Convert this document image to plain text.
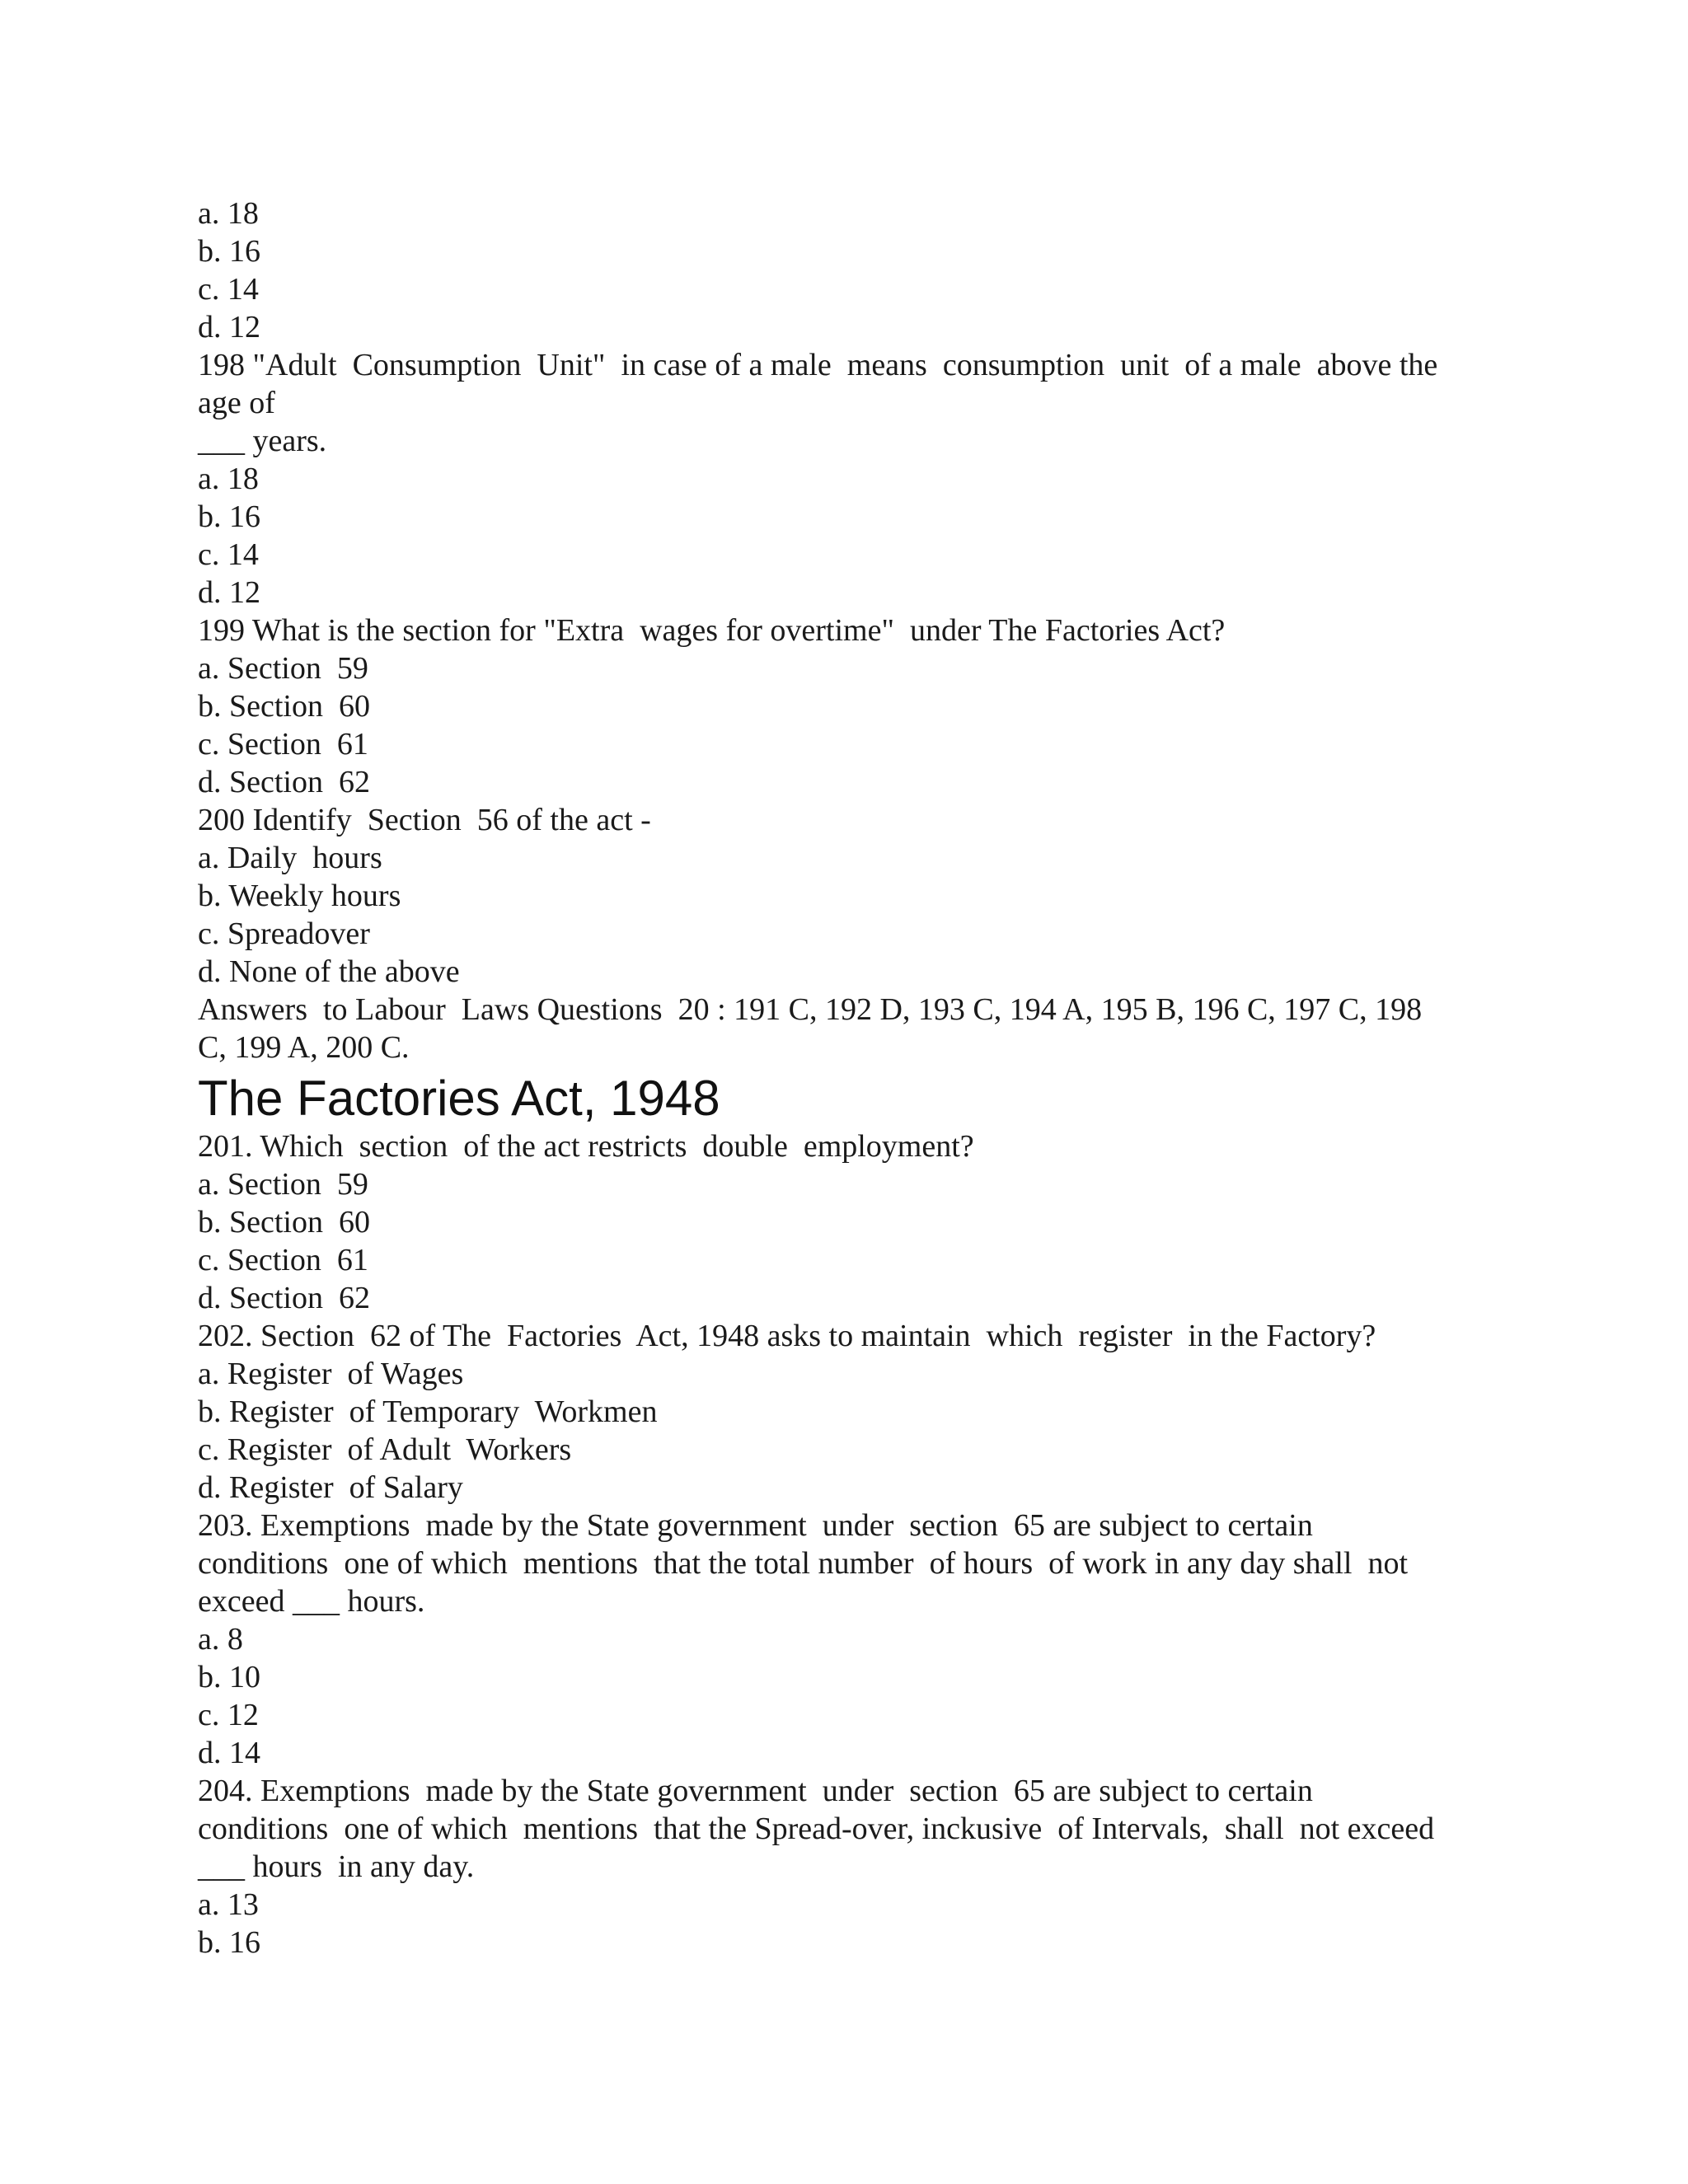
a. 18
b. 16
c. 14
d. 12
198 "Adult  Consumption  Unit"  in case of a male  means  consumption  unit  of a male  above the
age of
___ years.
a. 18
b. 16
c. 14
d. 12
199 What is the section for "Extra  wages for overtime"  under The Factories Act?
a. Section  59
b. Section  60
c. Section  61
d. Section  62
200 Identify  Section  56 of the act -
a. Daily  hours
b. Weekly hours
c. Spreadover
d. None of the above
Answers  to Labour  Laws Questions  20 : 191 C, 192 D, 193 C, 194 A, 195 B, 196 C, 197 C, 198
C, 199 A, 200 C.
The Factories Act, 1948
201. Which  section  of the act restricts  double  employment?
a. Section  59
b. Section  60
c. Section  61
d. Section  62
202. Section  62 of The  Factories  Act, 1948 asks to maintain  which  register  in the Factory?
a. Register  of Wages
b. Register  of Temporary  Workmen
c. Register  of Adult  Workers
d. Register  of Salary
203. Exemptions  made by the State government  under  section  65 are subject to certain
conditions  one of which  mentions  that the total number  of hours  of work in any day shall  not
exceed ___ hours.
a. 8
b. 10
c. 12
d. 14
204. Exemptions  made by the State government  under  section  65 are subject to certain
conditions  one of which  mentions  that the Spread-over, inckusive  of Intervals,  shall  not exceed
___ hours  in any day.
a. 13
b. 16
